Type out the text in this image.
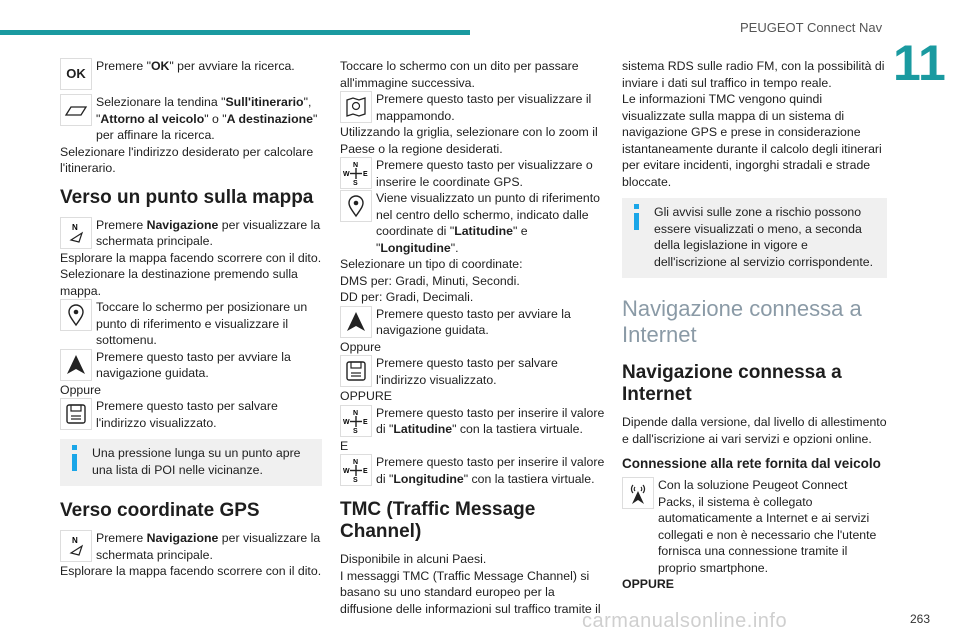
PEUGEOT Connect Nav
11
OK Premere "OK" per avviare la ricerca.
Selezionare la tendina "Sull'itinerario", "Attorno al veicolo" o "A destinazione" per affinare la ricerca.

Selezionare l'indirizzo desiderato per calcolare l'itinerario.

Verso un punto sulla mappa
N Premere Navigazione per visualizzare la schermata principale.

Esplorare la mappa facendo scorrere con il dito.

Selezionare la destinazione premendo sulla mappa.

Toccare lo schermo per posizionare un punto di riferimento e visualizzare il sottomenu.
Premere questo tasto per avviare la navigazione guidata.

Oppure

Premere questo tasto per salvare l'indirizzo visualizzato.
Una pressione lunga su un punto apre una lista di POI nelle vicinanze.
Verso coordinate GPS
N Premere Navigazione per visualizzare la schermata principale.

Esplorare la mappa facendo scorrere con il dito.

Toccare lo schermo con un dito per passare all'immagine successiva.

Premere questo tasto per visualizzare il mappamondo.

Utilizzando la griglia, selezionare con lo zoom il Paese o la regione desiderati.

N
S
W E
Premere questo tasto per visualizzare o inserire le coordinate GPS.
Viene visualizzato un punto di riferimento nel centro dello schermo, indicato dalle coordinate di "Latitudine" e "Longitudine".

Selezionare un tipo di coordinate:

DMS per: Gradi, Minuti, Secondi.

DD per: Gradi, Decimali.

Premere questo tasto per avviare la navigazione guidata.

Oppure

Premere questo tasto per salvare l'indirizzo visualizzato.

OPPURE

N
S
W E
Premere questo tasto per inserire il valore di "Latitudine" con la tastiera virtuale.

E

N
S
W E
Premere questo tasto per inserire il valore di "Longitudine" con la tastiera virtuale.
TMC (Traffic Message Channel)

Disponibile in alcuni Paesi.

I messaggi TMC (Traffic Message Channel) si basano su uno standard europeo per la diffusione delle informazioni sul traffico tramite il

sistema RDS sulle radio FM, con la possibilità di inviare i dati sul traffico in tempo reale.

Le informazioni TMC vengono quindi visualizzate sulla mappa di un sistema di navigazione GPS e prese in considerazione istantaneamente durante il calcolo degli itinerari per evitare incidenti, ingorghi stradali e strade bloccate.

Gli avvisi sulle zone a rischio possono essere visualizzati o meno, a seconda della legislazione in vigore e dell'iscrizione al servizio corrispondente.
Navigazione connessa a Internet
Navigazione connessa a Internet

Dipende dalla versione, dal livello di allestimento e dall'iscrizione ai vari servizi e opzioni online.

Connessione alla rete fornita dal veicolo
Con la soluzione Peugeot Connect Packs, il sistema è collegato automaticamente a Internet e ai servizi collegati e non è necessario che l'utente fornisca una connessione tramite il proprio smartphone.

OPPURE

carmanualsonline.info	263
